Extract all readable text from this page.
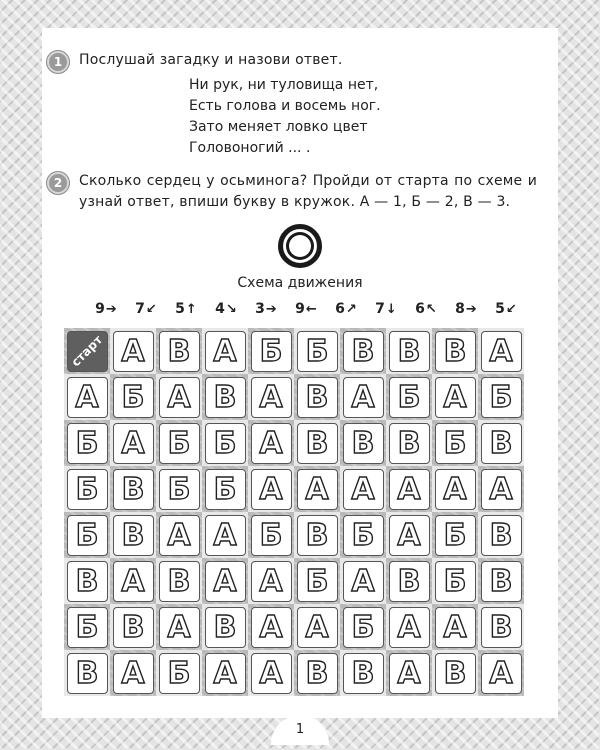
1	Послушай загадку и назови ответ.
Ни рук, ни туловища нет,
Есть голова и восемь ног.
Зато меняет ловко цвет
Головоногий ... .
2	Сколько сердец у осьминога? Пройди от старта по схеме и узнай ответ, впиши букву в кружок. А — 1, Б — 2, В — 3.
Схема движения
9➔	7↙	5↑	4↘	3➔	9←	6↗	7↓	6↖	8➔	5↙
старт А В А Б Б В В В А
А Б А В А В А Б А Б
Б А Б Б А В В В Б В
Б В Б Б А А А А А А
Б В А А Б В Б А Б В
В А В А А Б А В Б В
Б В А В А А Б А А В
В А Б А А В В А В А
1
